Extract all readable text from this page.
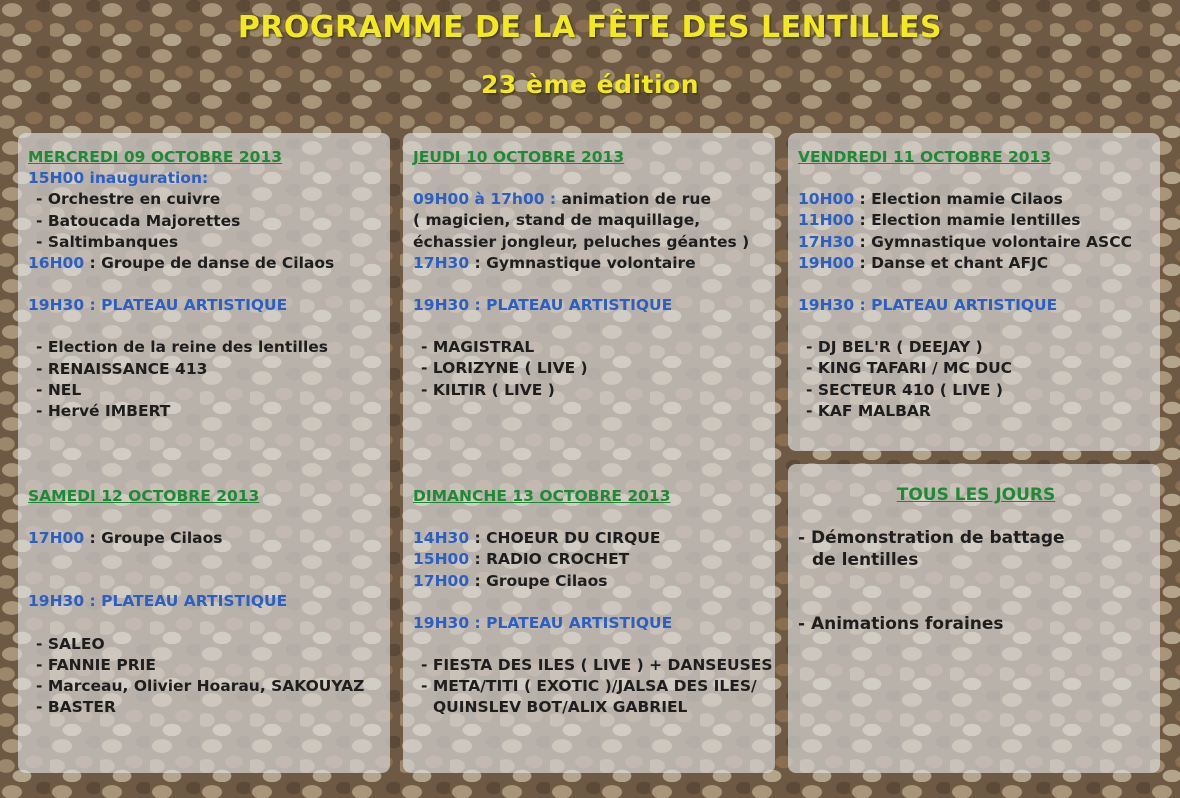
PROGRAMME DE LA FÊTE DES LENTILLES
23 ème édition

MERCREDI 09 OCTOBRE 2013

15H00 inauguration:

- Orchestre en cuivre

- Batoucada Majorettes

- Saltimbanques

16H00 : Groupe de danse de Cilaos

19H30 : PLATEAU ARTISTIQUE

- Election de la reine des lentilles

- RENAISSANCE 413

- NEL

- Hervé IMBERT

SAMEDI 12 OCTOBRE 2013

17H00 : Groupe Cilaos

19H30 : PLATEAU ARTISTIQUE

- SALEO

- FANNIE PRIE

- Marceau, Olivier Hoarau, SAKOUYAZ

- BASTER

JEUDI 10 OCTOBRE 2013

09H00 à 17h00 : animation de rue

( magicien, stand de maquillage,

échassier jongleur, peluches géantes )

17H30 : Gymnastique volontaire

19H30 : PLATEAU ARTISTIQUE

- MAGISTRAL

- LORIZYNE ( LIVE )

- KILTIR ( LIVE )

DIMANCHE 13 OCTOBRE 2013

14H30 : CHOEUR DU CIRQUE

15H00 : RADIO CROCHET

17H00 : Groupe Cilaos

19H30 : PLATEAU ARTISTIQUE

- FIESTA DES ILES ( LIVE ) + DANSEUSES

- META/TITI ( EXOTIC )/JALSA DES ILES/

QUINSLEV BOT/ALIX GABRIEL

VENDREDI 11 OCTOBRE 2013

10H00 : Election mamie Cilaos

11H00 : Election mamie lentilles

17H30 : Gymnastique volontaire ASCC

19H00 : Danse et chant AFJC

19H30 : PLATEAU ARTISTIQUE

- DJ BEL'R ( DEEJAY )

- KING TAFARI / MC DUC

- SECTEUR 410 ( LIVE )

- KAF MALBAR

TOUS LES JOURS

- Démonstration de battage

de lentilles

- Animations foraines
